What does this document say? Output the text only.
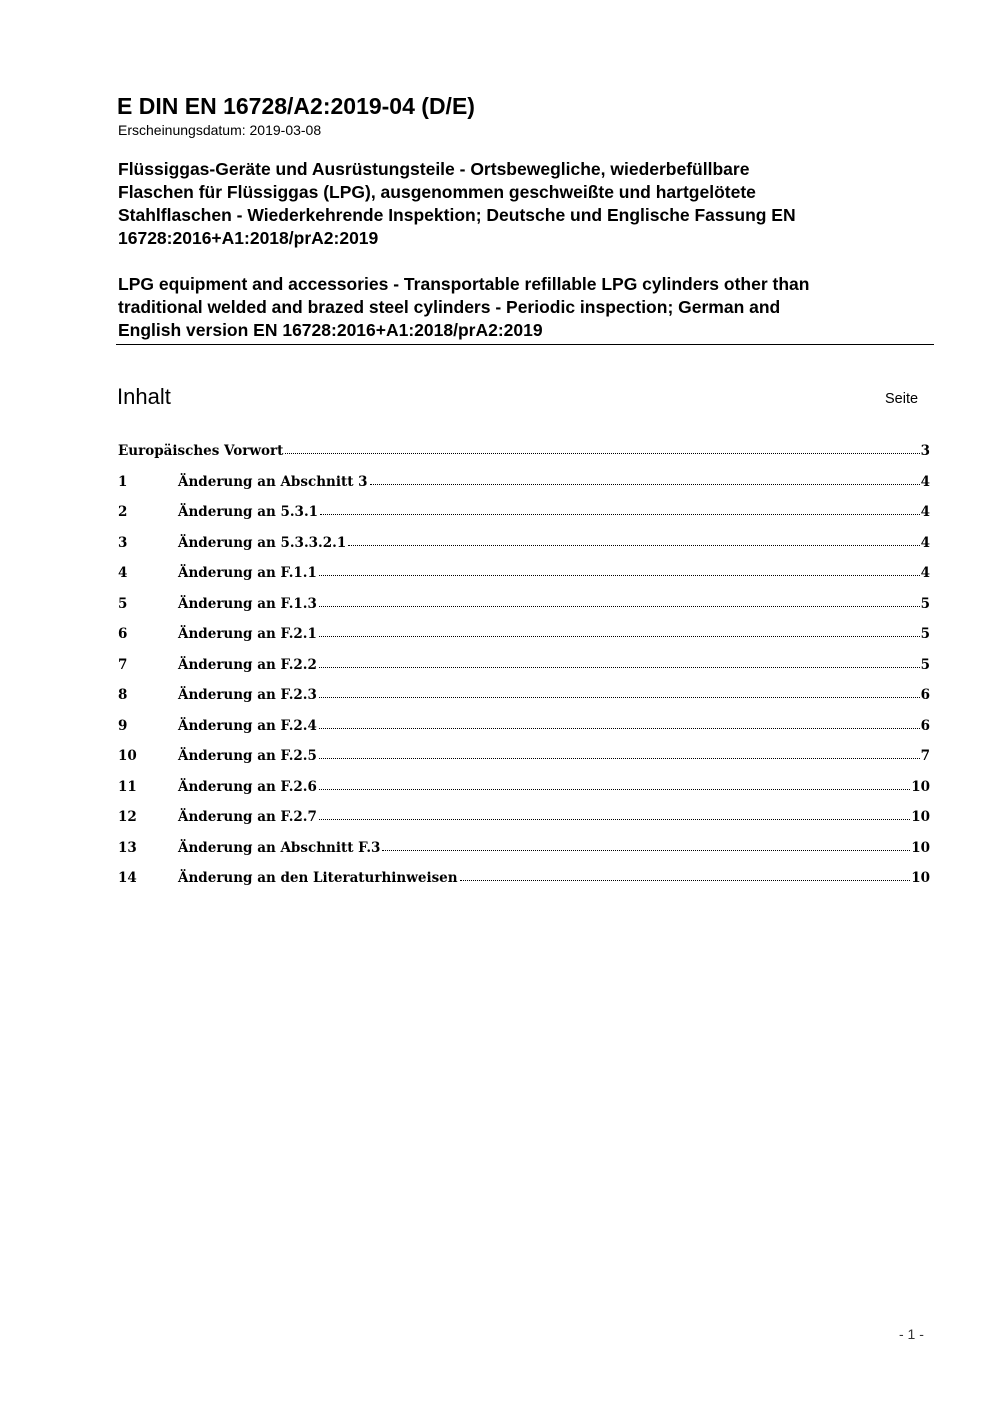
E DIN EN 16728/A2:2019-04 (D/E)
Erscheinungsdatum: 2019-03-08
Flüssiggas-Geräte und Ausrüstungsteile - Ortsbewegliche, wiederbefüllbare
Flaschen für Flüssiggas (LPG), ausgenommen geschweißte und hartgelötete
Stahlflaschen - Wiederkehrende Inspektion; Deutsche und Englische Fassung EN
16728:2016+A1:2018/prA2:2019
LPG equipment and accessories - Transportable refillable LPG cylinders other than
traditional welded and brazed steel cylinders - Periodic inspection; German and
English version EN 16728:2016+A1:2018/prA2:2019
Inhalt	Seite
Europäisches Vorwort	3
1	Änderung an Abschnitt 3	4
2	Änderung an 5.3.1	4
3	Änderung an 5.3.3.2.1	4
4	Änderung an F.1.1	4
5	Änderung an F.1.3	5
6	Änderung an F.2.1	5
7	Änderung an F.2.2	5
8	Änderung an F.2.3	6
9	Änderung an F.2.4	6
10	Änderung an F.2.5	7
11	Änderung an F.2.6	10
12	Änderung an F.2.7	10
13	Änderung an Abschnitt F.3	10
14	Änderung an den Literaturhinweisen	10
- 1 -
